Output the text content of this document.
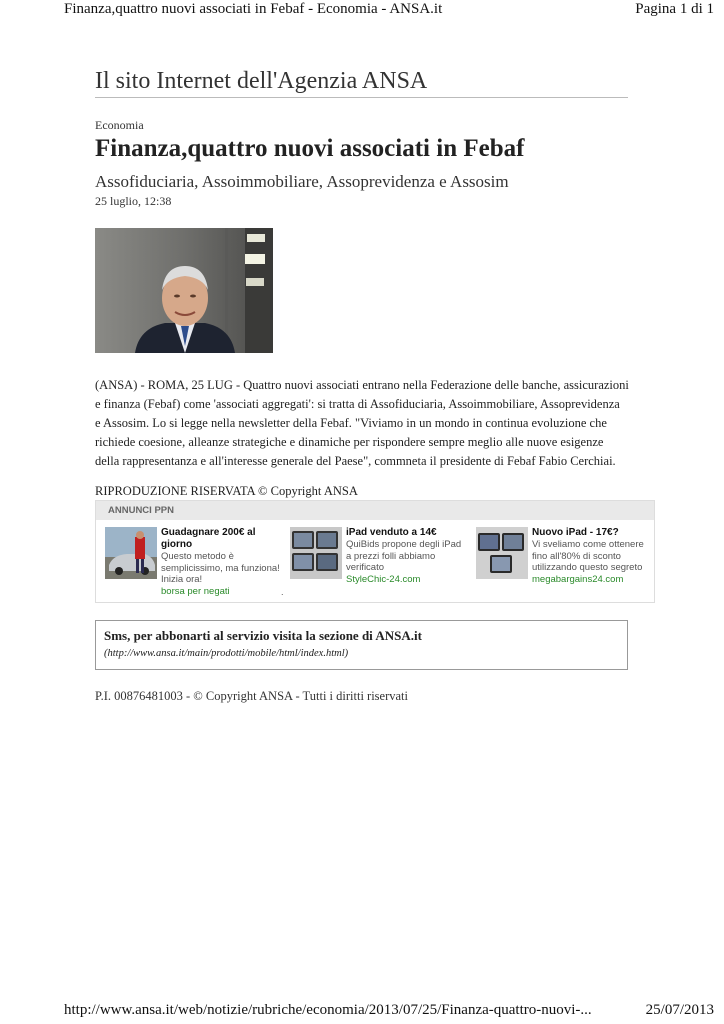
Finanza,quattro nuovi associati in Febaf - Economia - ANSA.it	Pagina 1 di 1
Il sito Internet dell'Agenzia ANSA
Economia
Finanza,quattro nuovi associati in Febaf
Assofiduciaria, Assoimmobiliare, Assoprevidenza e Assosim
25 luglio, 12:38
(ANSA) - ROMA, 25 LUG - Quattro nuovi associati entrano nella Federazione delle banche, assicurazioni
e finanza (Febaf) come 'associati aggregati': si tratta di Assofiduciaria, Assoimmobiliare, Assoprevidenza
e Assosim. Lo si legge nella newsletter della Febaf. "Viviamo in un mondo in continua evoluzione che
richiede coesione, alleanze strategiche e dinamiche per rispondere sempre meglio alle nuove esigenze
della rappresentanza e all'interesse generale del Paese", commneta il presidente di Febaf Fabio Cerchiai.
RIPRODUZIONE RISERVATA © Copyright ANSA
ANNUNCI PPN
Guadagnare 200€ al giorno
Questo metodo è semplicissimo, ma funziona! Inizia ora!
borsa per negati
iPad venduto a 14€
QuiBids propone degli iPad a prezzi folli abbiamo verificato
StyleChic-24.com
Nuovo iPad - 17€?
Vi sveliamo come ottenere fino all'80% di sconto utilizzando questo segreto
megabargains24.com
.
Sms, per abbonarti al servizio visita la sezione di ANSA.it
(http://www.ansa.it/main/prodotti/mobile/html/index.html)
P.I. 00876481003 - © Copyright ANSA - Tutti i diritti riservati
http://www.ansa.it/web/notizie/rubriche/economia/2013/07/25/Finanza-quattro-nuovi-...	25/07/2013
